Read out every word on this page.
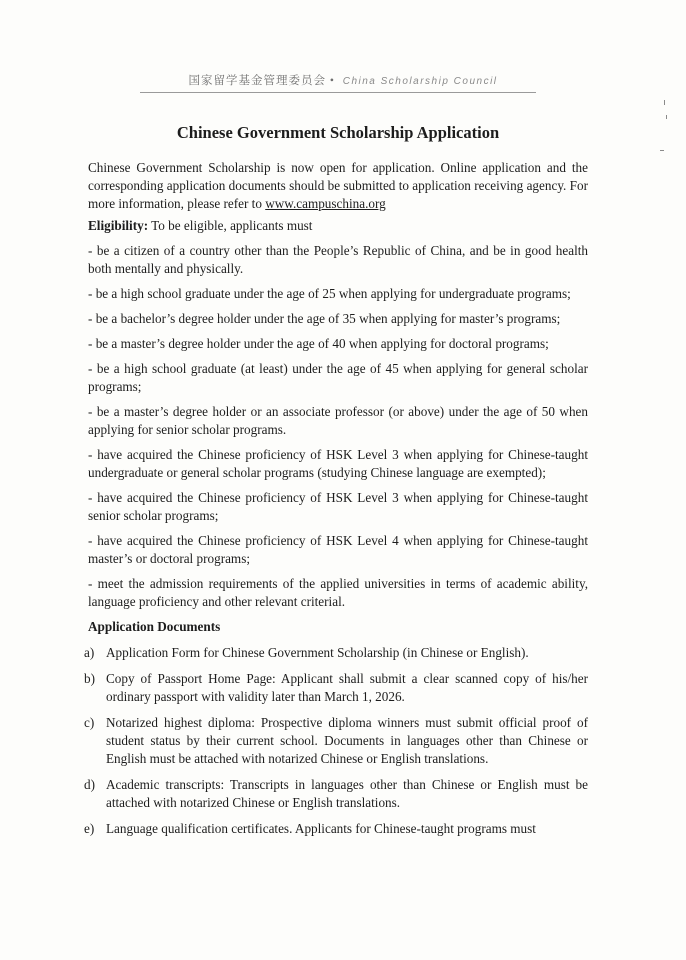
国家留学基金管理委员会 • China Scholarship Council
Chinese Government Scholarship Application

Chinese Government Scholarship is now open for application. Online application and the corresponding application documents should be submitted to application receiving agency. For more information, please refer to www.campuschina.org

Eligibility: To be eligible, applicants must

- be a citizen of a country other than the People’s Republic of China, and be in good health both mentally and physically.

- be a high school graduate under the age of 25 when applying for undergraduate programs;

- be a bachelor’s degree holder under the age of 35 when applying for master’s programs;

- be a master’s degree holder under the age of 40 when applying for doctoral programs;

- be a high school graduate (at least) under the age of 45 when applying for general scholar programs;

- be a master’s degree holder or an associate professor (or above) under the age of 50 when applying for senior scholar programs.

- have acquired the Chinese proficiency of HSK Level 3 when applying for Chinese-taught undergraduate or general scholar programs (studying Chinese language are exempted);

- have acquired the Chinese proficiency of HSK Level 3 when applying for Chinese-taught senior scholar programs;

- have acquired the Chinese proficiency of HSK Level 4 when applying for Chinese-taught master’s or doctoral programs;

- meet the admission requirements of the applied universities in terms of academic ability, language proficiency and other relevant criterial.

Application Documents

a) Application Form for Chinese Government Scholarship (in Chinese or English).
b) Copy of Passport Home Page: Applicant shall submit a clear scanned copy of his/her ordinary passport with validity later than March 1, 2026.
c) Notarized highest diploma: Prospective diploma winners must submit official proof of student status by their current school. Documents in languages other than Chinese or English must be attached with notarized Chinese or English translations.
d) Academic transcripts: Transcripts in languages other than Chinese or English must be attached with notarized Chinese or English translations.
e) Language qualification certificates. Applicants for Chinese-taught programs must
